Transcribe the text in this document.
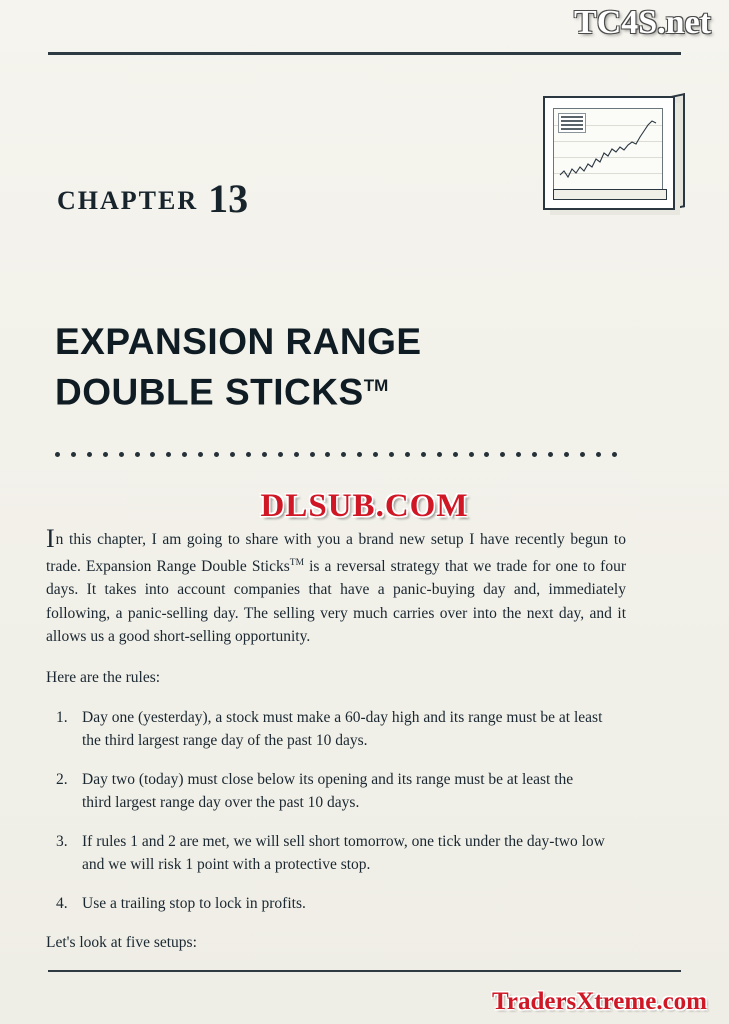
TC4S.net
CHAPTER 13
EXPANSION RANGE
DOUBLE STICKS™
DLSUB.COM

In this chapter, I am going to share with you a brand new setup I have recently begun to trade. Expansion Range Double Sticks™ is a reversal strategy that we trade for one to four days. It takes into account companies that have a panic-buying day and, immediately following, a panic-selling day. The selling very much carries over into the next day, and it allows us a good short-selling opportunity.

Here are the rules:

1. Day one (yesterday), a stock must make a 60-day high and its range must be at least the third largest range day of the past 10 days.
2. Day two (today) must close below its opening and its range must be at least the third largest range day over the past 10 days.
3. If rules 1 and 2 are met, we will sell short tomorrow, one tick under the day-two low and we will risk 1 point with a protective stop.
4. Use a trailing stop to lock in profits.

Let's look at five setups:

TradersXtreme.com
